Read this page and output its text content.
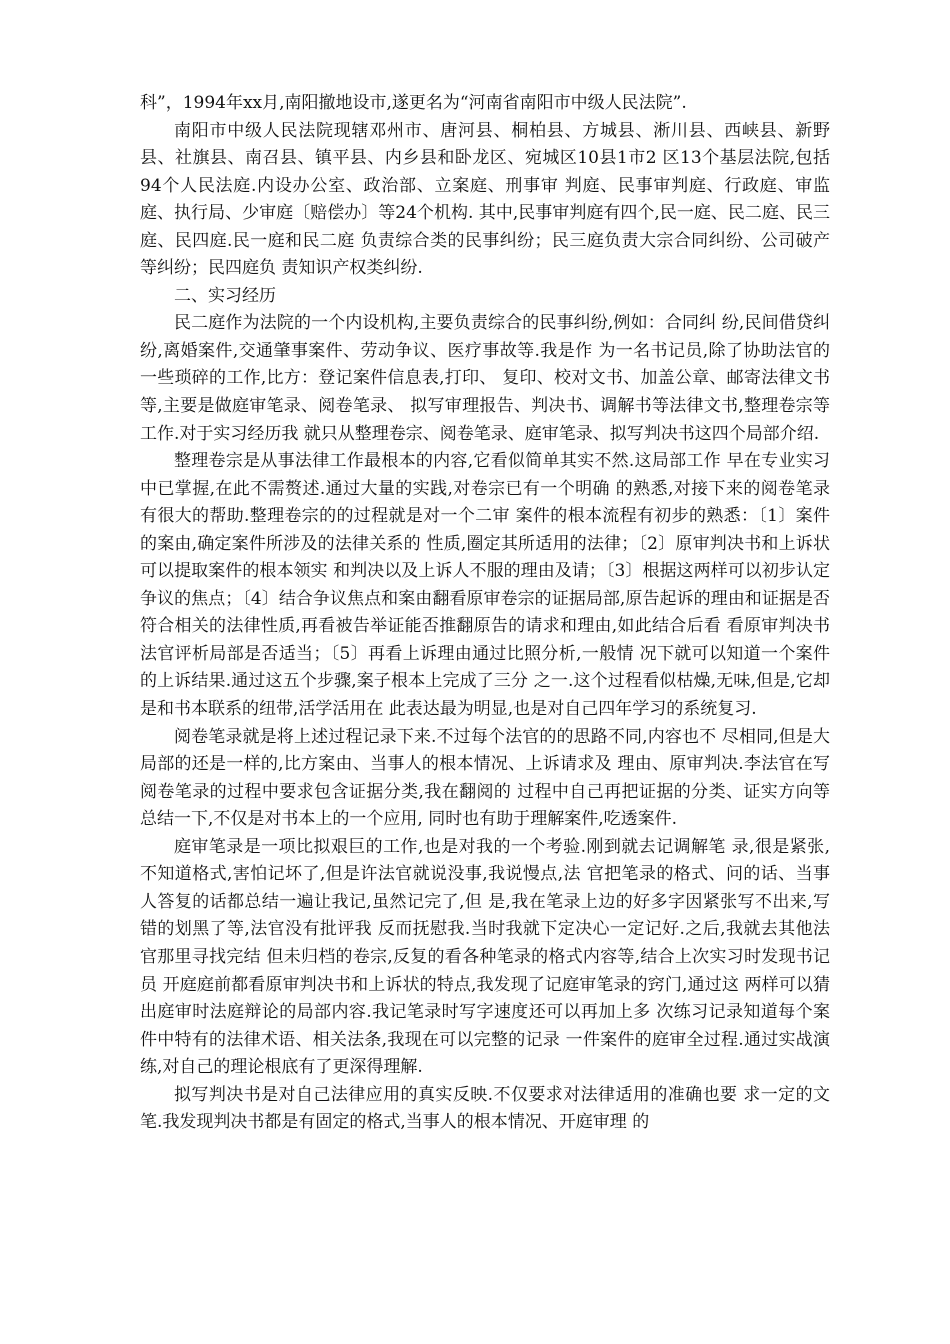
科”，1994年xx月,南阳撤地设市,遂更名为“河南省南阳市中级人民法院”.

南阳市中级人民法院现辖邓州市、唐河县、桐柏县、方城县、淅川县、西峡县、新野县、社旗县、南召县、镇平县、内乡县和卧龙区、宛城区10县1市2 区13个基层法院,包括94个人民法庭.内设办公室、政治部、立案庭、刑事审 判庭、民事审判庭、行政庭、审监庭、执行局、少审庭〔赔偿办〕等24个机构. 其中,民事审判庭有四个,民一庭、民二庭、民三庭、民四庭.民一庭和民二庭 负责综合类的民事纠纷；民三庭负责大宗合同纠纷、公司破产等纠纷；民四庭负 责知识产权类纠纷.

二、实习经历

民二庭作为法院的一个内设机构,主要负责综合的民事纠纷,例如：合同纠 纷,民间借贷纠纷,离婚案件,交通肇事案件、劳动争议、医疗事故等.我是作 为一名书记员,除了协助法官的一些琐碎的工作,比方：登记案件信息表,打印、 复印、校对文书、加盖公章、邮寄法律文书等,主要是做庭审笔录、阅卷笔录、 拟写审理报告、判决书、调解书等法律文书,整理卷宗等工作.对于实习经历我 就只从整理卷宗、阅卷笔录、庭审笔录、拟写判决书这四个局部介绍.

整理卷宗是从事法律工作最根本的内容,它看似简单其实不然.这局部工作 早在专业实习中已掌握,在此不需赘述.通过大量的实践,对卷宗已有一个明确 的熟悉,对接下来的阅卷笔录有很大的帮助.整理卷宗的的过程就是对一个二审 案件的根本流程有初步的熟悉：〔1〕案件的案由,确定案件所涉及的法律关系的 性质,圈定其所适用的法律；〔2〕原审判决书和上诉状可以提取案件的根本领实 和判决以及上诉人不服的理由及请；〔3〕根据这两样可以初步认定争议的焦点；〔4〕结合争议焦点和案由翻看原审卷宗的证据局部,原告起诉的理由和证据是否符合相关的法律性质,再看被告举证能否推翻原告的请求和理由,如此结合后看 看原审判决书法官评析局部是否适当；〔5〕再看上诉理由通过比照分析,一般情 况下就可以知道一个案件的上诉结果.通过这五个步骤,案子根本上完成了三分 之一.这个过程看似枯燥,无味,但是,它却是和书本联系的纽带,活学活用在 此表达最为明显,也是对自己四年学习的系统复习.

阅卷笔录就是将上述过程记录下来.不过每个法官的的思路不同,内容也不 尽相同,但是大局部的还是一样的,比方案由、当事人的根本情况、上诉请求及 理由、原审判决.李法官在写阅卷笔录的过程中要求包含证据分类,我在翻阅的 过程中自己再把证据的分类、证实方向等总结一下,不仅是对书本上的一个应用, 同时也有助于理解案件,吃透案件.

庭审笔录是一项比拟艰巨的工作,也是对我的一个考验.刚到就去记调解笔 录,很是紧张,不知道格式,害怕记坏了,但是许法官就说没事,我说慢点,法 官把笔录的格式、问的话、当事人答复的话都总结一遍让我记,虽然记完了,但 是,我在笔录上边的好多字因紧张写不出来,写错的划黑了等,法官没有批评我 反而抚慰我.当时我就下定决心一定记好.之后,我就去其他法官那里寻找完结 但未归档的卷宗,反复的看各种笔录的格式内容等,结合上次实习时发现书记员 开庭庭前都看原审判决书和上诉状的特点,我发现了记庭审笔录的窍门,通过这 两样可以猜出庭审时法庭辩论的局部内容.我记笔录时写字速度还可以再加上多 次练习记录知道每个案件中特有的法律术语、相关法条,我现在可以完整的记录 一件案件的庭审全过程.通过实战演练,对自己的理论根底有了更深得理解.

拟写判决书是对自己法律应用的真实反映.不仅要求对法律适用的准确也要 求一定的文笔.我发现判决书都是有固定的格式,当事人的根本情况、开庭审理 的
